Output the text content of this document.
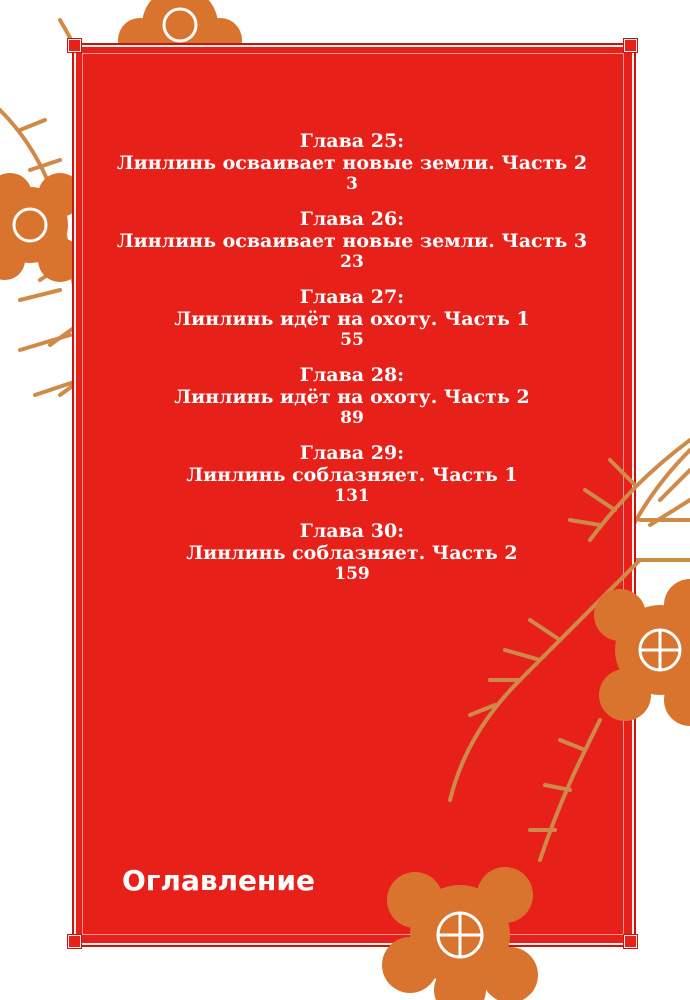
Глава 25:
Линлинь осваивает новые земли. Часть 2
3
Глава 26:
Линлинь осваивает новые земли. Часть 3
23
Глава 27:
Линлинь идёт на охоту. Часть 1
55
Глава 28:
Линлинь идёт на охоту. Часть 2
89
Глава 29:
Линлинь соблазняет. Часть 1
131
Глава 30:
Линлинь соблазняет. Часть 2
159
Оглавление
